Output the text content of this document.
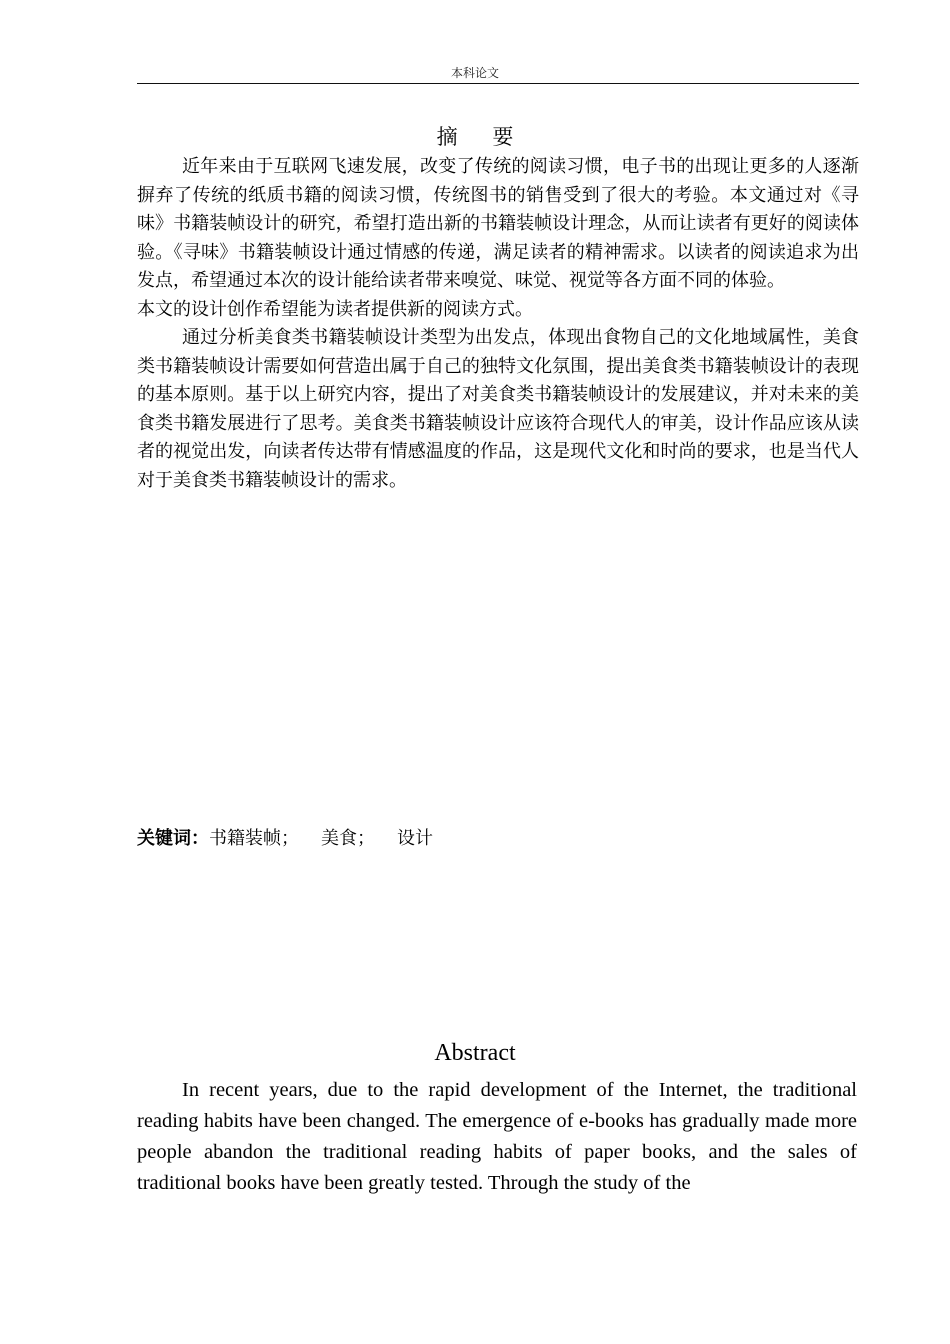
本科论文
摘 要

近年来由于互联网飞速发展，改变了传统的阅读习惯，电子书的出现让更多的人逐渐摒弃了传统的纸质书籍的阅读习惯，传统图书的销售受到了很大的考验。本文通过对《寻味》书籍装帧设计的研究，希望打造出新的书籍装帧设计理念，从而让读者有更好的阅读体验。《寻味》书籍装帧设计通过情感的传递，满足读者的精神需求。以读者的阅读追求为出发点，希望通过本次的设计能给读者带来嗅觉、味觉、视觉等各方面不同的体验。

本文的设计创作希望能为读者提供新的阅读方式。

通过分析美食类书籍装帧设计类型为出发点，体现出食物自己的文化地域属性，美食类书籍装帧设计需要如何营造出属于自己的独特文化氛围，提出美食类书籍装帧设计的表现的基本原则。基于以上研究内容，提出了对美食类书籍装帧设计的发展建议，并对未来的美食类书籍发展进行了思考。美食类书籍装帧设计应该符合现代人的审美，设计作品应该从读者的视觉出发，向读者传达带有情感温度的作品，这是现代文化和时尚的要求，也是当代人对于美食类书籍装帧设计的需求。

关键词：书籍装帧； 美食； 设计
Abstract

In recent years, due to the rapid development of the Internet, the traditional reading habits have been changed. The emergence of e-books has gradually made more people abandon the traditional reading habits of paper books, and the sales of traditional books have been greatly tested. Through the study of the
